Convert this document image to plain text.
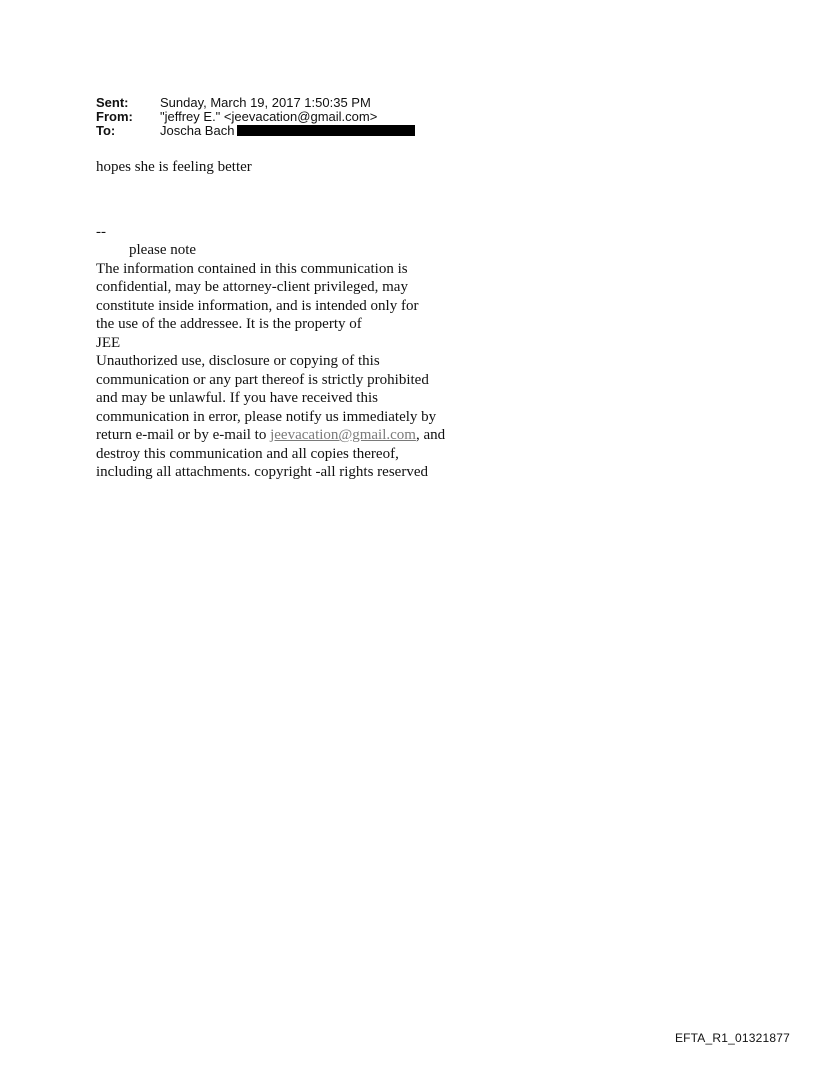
Sent:	Sunday, March 19, 2017 1:50:35 PM
From:	"jeffrey E." <jeevacation@gmail.com>
To:	Joscha Bach

hopes she is feeling better

--
please note
The information contained in this communication is
confidential, may be attorney-client privileged, may
constitute inside information, and is intended only for
the use of the addressee. It is the property of
JEE
Unauthorized use, disclosure or copying of this
communication or any part thereof is strictly prohibited
and may be unlawful. If you have received this
communication in error, please notify us immediately by
return e-mail or by e-mail to jeevacation@gmail.com, and
destroy this communication and all copies thereof,
including all attachments. copyright -all rights reserved
EFTA_R1_01321877
